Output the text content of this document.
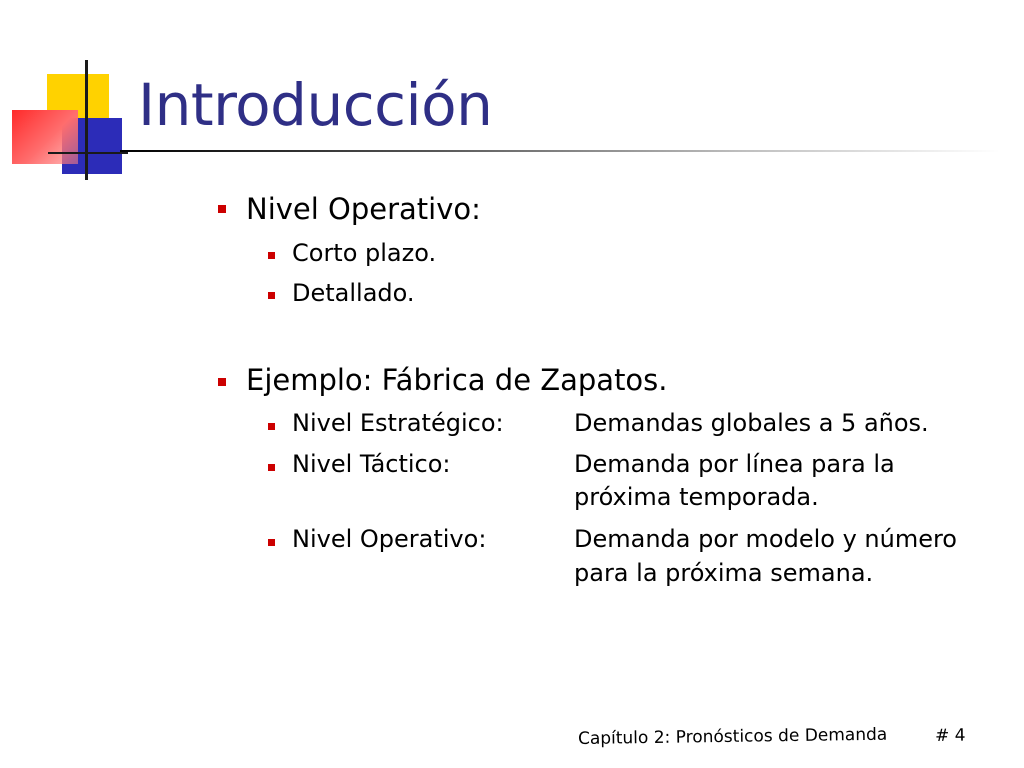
Introducción
Nivel Operativo:
Corto plazo.
Detallado.
Ejemplo: Fábrica de Zapatos.
Nivel Estratégico:	Demandas globales a 5 años.
Nivel Táctico:	Demanda por línea para la
próxima temporada.
Nivel Operativo:	Demanda por modelo y número
para la próxima semana.
Capítulo 2: Pronósticos de Demanda	# 4
